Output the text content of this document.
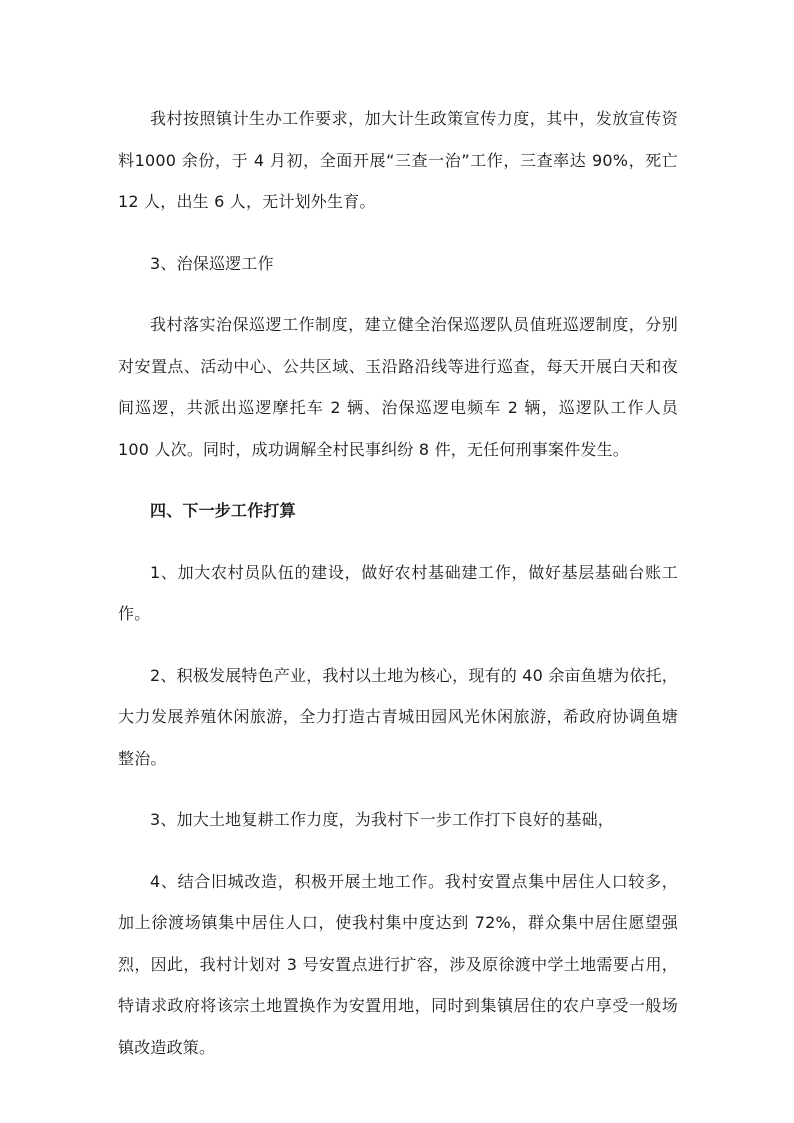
我村按照镇计生办工作要求，加大计生政策宣传力度，其中，发放宣传资料1000 余份，于 4 月初，全面开展“三查一治”工作，三查率达 90%，死亡 12 人，出生 6 人，无计划外生育。

3、治保巡逻工作

我村落实治保巡逻工作制度，建立健全治保巡逻队员值班巡逻制度，分别对安置点、活动中心、公共区域、玉沿路沿线等进行巡查，每天开展白天和夜间巡逻，共派出巡逻摩托车 2 辆、治保巡逻电频车 2 辆，巡逻队工作人员 100 人次。同时，成功调解全村民事纠纷 8 件，无任何刑事案件发生。

四、下一步工作打算

1、加大农村员队伍的建设，做好农村基础建工作，做好基层基础台账工作。

2、积极发展特色产业，我村以土地为核心，现有的 40 余亩鱼塘为依托，大力发展养殖休闲旅游，全力打造古青城田园风光休闲旅游，希政府协调鱼塘整治。

3、加大土地复耕工作力度，为我村下一步工作打下良好的基础，

4、结合旧城改造，积极开展土地工作。我村安置点集中居住人口较多，加上徐渡场镇集中居住人口，使我村集中度达到 72%，群众集中居住愿望强烈，因此，我村计划对 3 号安置点进行扩容，涉及原徐渡中学土地需要占用，特请求政府将该宗土地置换作为安置用地，同时到集镇居住的农户享受一般场镇改造政策。
